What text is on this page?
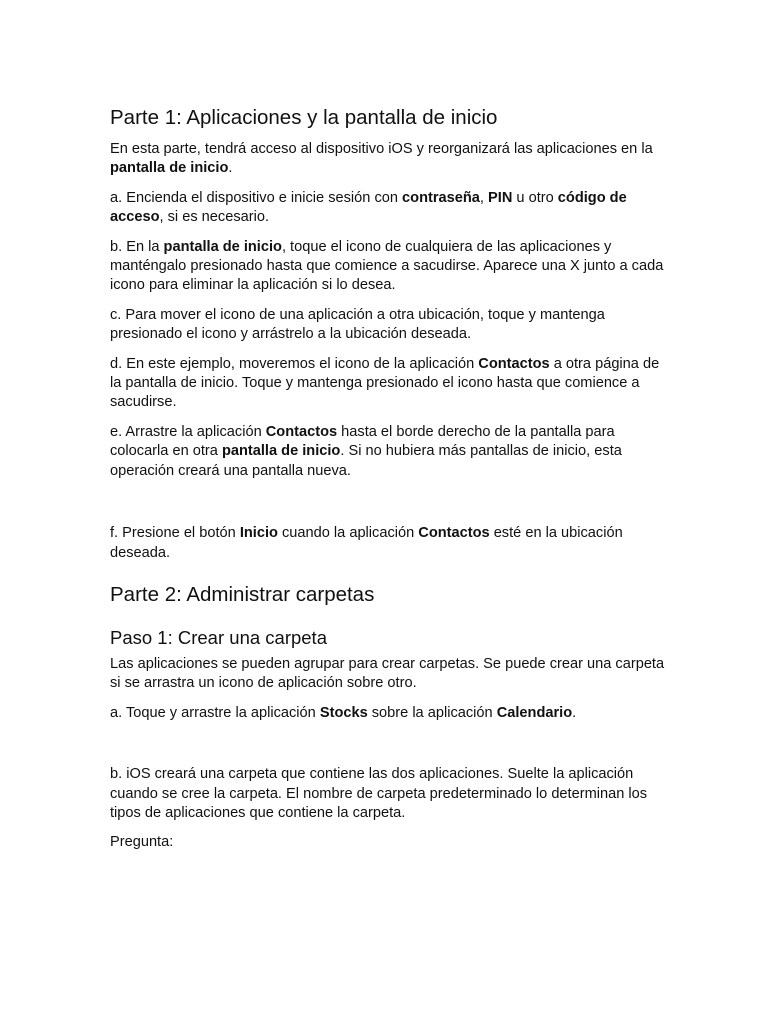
Parte 1: Aplicaciones y la pantalla de inicio

En esta parte, tendrá acceso al dispositivo iOS y reorganizará las aplicaciones en la pantalla de inicio.

a. Encienda el dispositivo e inicie sesión con contraseña, PIN u otro código de acceso, si es necesario.

b. En la pantalla de inicio, toque el icono de cualquiera de las aplicaciones y manténgalo presionado hasta que comience a sacudirse. Aparece una X junto a cada icono para eliminar la aplicación si lo desea.

c. Para mover el icono de una aplicación a otra ubicación, toque y mantenga presionado el icono y arrástrelo a la ubicación deseada.

d. En este ejemplo, moveremos el icono de la aplicación Contactos a otra página de la pantalla de inicio. Toque y mantenga presionado el icono hasta que comience a sacudirse.

e. Arrastre la aplicación Contactos hasta el borde derecho de la pantalla para colocarla en otra pantalla de inicio. Si no hubiera más pantallas de inicio, esta operación creará una pantalla nueva.

f. Presione el botón Inicio cuando la aplicación Contactos esté en la ubicación deseada.

Parte 2: Administrar carpetas
Paso 1: Crear una carpeta

Las aplicaciones se pueden agrupar para crear carpetas. Se puede crear una carpeta si se arrastra un icono de aplicación sobre otro.

a. Toque y arrastre la aplicación Stocks sobre la aplicación Calendario.

b. iOS creará una carpeta que contiene las dos aplicaciones. Suelte la aplicación cuando se cree la carpeta. El nombre de carpeta predeterminado lo determinan los tipos de aplicaciones que contiene la carpeta.

Pregunta:
